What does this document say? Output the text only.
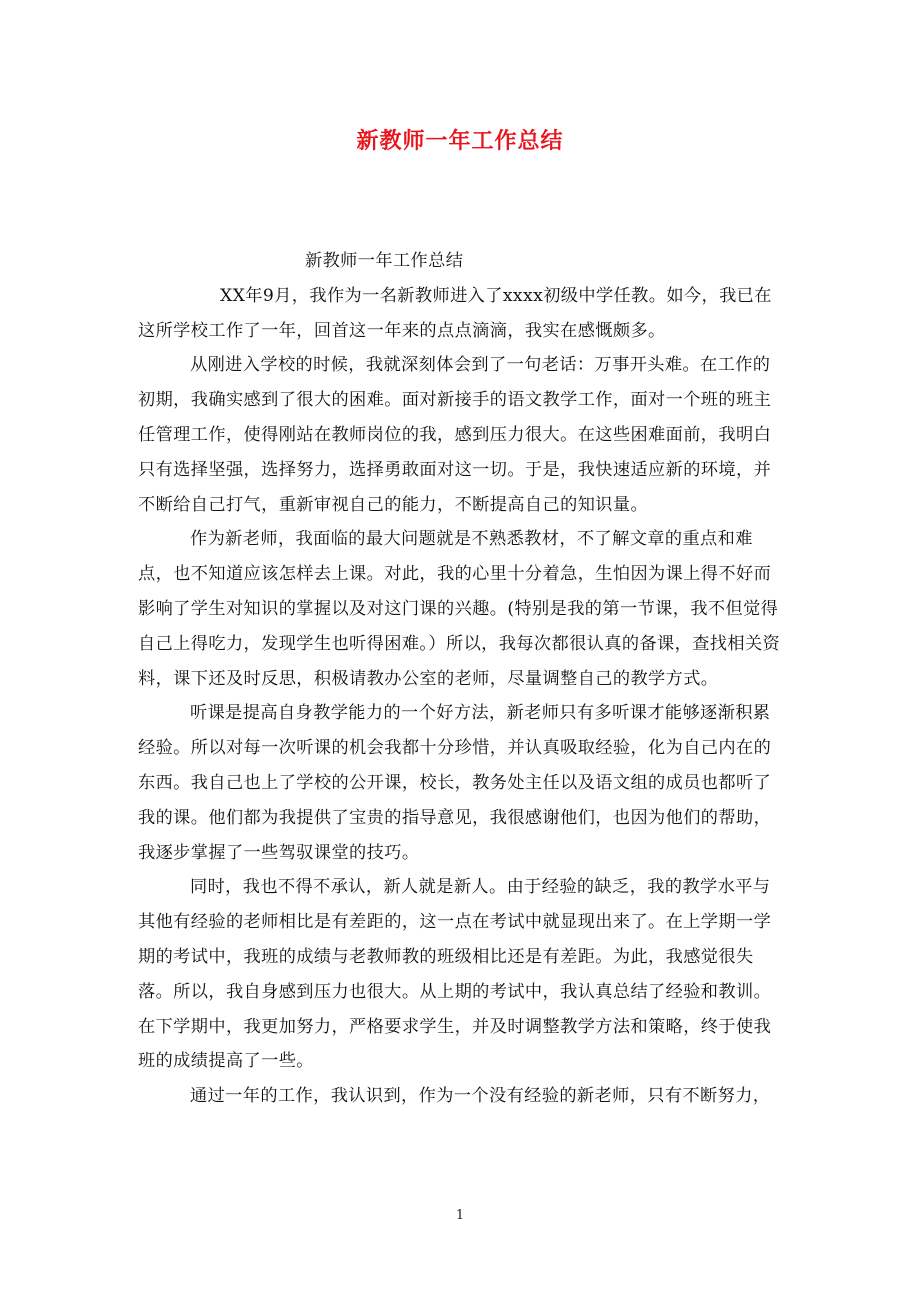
新教师一年工作总结

新教师一年工作总结

XX年9月，我作为一名新教师进入了xxxx初级中学任教。如今，我已在这所学校工作了一年，回首这一年来的点点滴滴，我实在感慨颇多。

从刚进入学校的时候，我就深刻体会到了一句老话：万事开头难。在工作的初期，我确实感到了很大的困难。面对新接手的语文教学工作，面对一个班的班主任管理工作，使得刚站在教师岗位的我，感到压力很大。在这些困难面前，我明白只有选择坚强，选择努力，选择勇敢面对这一切。于是，我快速适应新的环境，并不断给自己打气，重新审视自己的能力，不断提高自己的知识量。

作为新老师，我面临的最大问题就是不熟悉教材，不了解文章的重点和难点，也不知道应该怎样去上课。对此，我的心里十分着急，生怕因为课上得不好而影响了学生对知识的掌握以及对这门课的兴趣。(特别是我的第一节课，我不但觉得自己上得吃力，发现学生也听得困难。）所以，我每次都很认真的备课，查找相关资料，课下还及时反思，积极请教办公室的老师，尽量调整自己的教学方式。

听课是提高自身教学能力的一个好方法，新老师只有多听课才能够逐渐积累经验。所以对每一次听课的机会我都十分珍惜，并认真吸取经验，化为自己内在的东西。我自己也上了学校的公开课，校长，教务处主任以及语文组的成员也都听了我的课。他们都为我提供了宝贵的指导意见，我很感谢他们，也因为他们的帮助，我逐步掌握了一些驾驭课堂的技巧。

同时，我也不得不承认，新人就是新人。由于经验的缺乏，我的教学水平与其他有经验的老师相比是有差距的，这一点在考试中就显现出来了。在上学期一学期的考试中，我班的成绩与老教师教的班级相比还是有差距。为此，我感觉很失落。所以，我自身感到压力也很大。从上期的考试中，我认真总结了经验和教训。在下学期中，我更加努力，严格要求学生，并及时调整教学方法和策略，终于使我班的成绩提高了一些。

通过一年的工作，我认识到，作为一个没有经验的新老师，只有不断努力，

1
